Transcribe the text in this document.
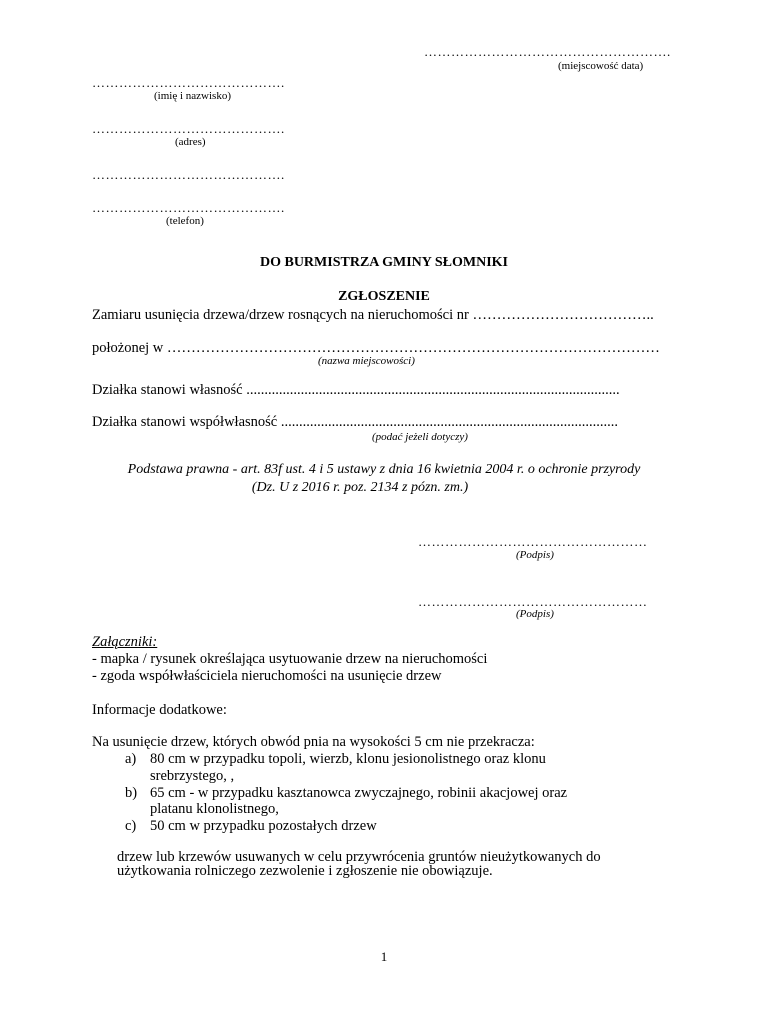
……………………………………………….
(miejscowość data)
…………………………………….
(imię i nazwisko)
…………………………………….
(adres)
…………………………………….
…………………………………….
(telefon)
DO BURMISTRZA GMINY SŁOMNIKI
ZGŁOSZENIE
Zamiaru usunięcia drzewa/drzew rosnących na nieruchomości nr ………………………………..
położonej w …………………………………………………………………………………………
(nazwa miejscowości)
Działka stanowi własność .......................................................................................................
Działka stanowi współwłasność .............................................................................................
(podać jeżeli dotyczy)
Podstawa prawna - art. 83f ust. 4 i 5 ustawy z dnia 16 kwietnia 2004 r. o ochronie przyrody
(Dz. U z 2016 r. poz. 2134 z pózn. zm.)
……………………………………………
(Podpis)
……………………………………………
(Podpis)
Załączniki:
- mapka / rysunek określająca usytuowanie drzew na nieruchomości
- zgoda współwłaściciela nieruchomości na usunięcie drzew
Informacje dodatkowe:
Na usunięcie drzew, których obwód pnia na wysokości 5 cm nie przekracza:
a) 80 cm w przypadku topoli, wierzb, klonu jesionolistnego oraz klonu
srebrzystego, ,
b) 65 cm - w przypadku kasztanowca zwyczajnego, robinii akacjowej oraz
platanu klonolistnego,
c) 50 cm w przypadku pozostałych drzew
drzew lub krzewów usuwanych w celu przywrócenia gruntów nieużytkowanych do
użytkowania rolniczego zezwolenie i zgłoszenie nie obowiązuje.
1
